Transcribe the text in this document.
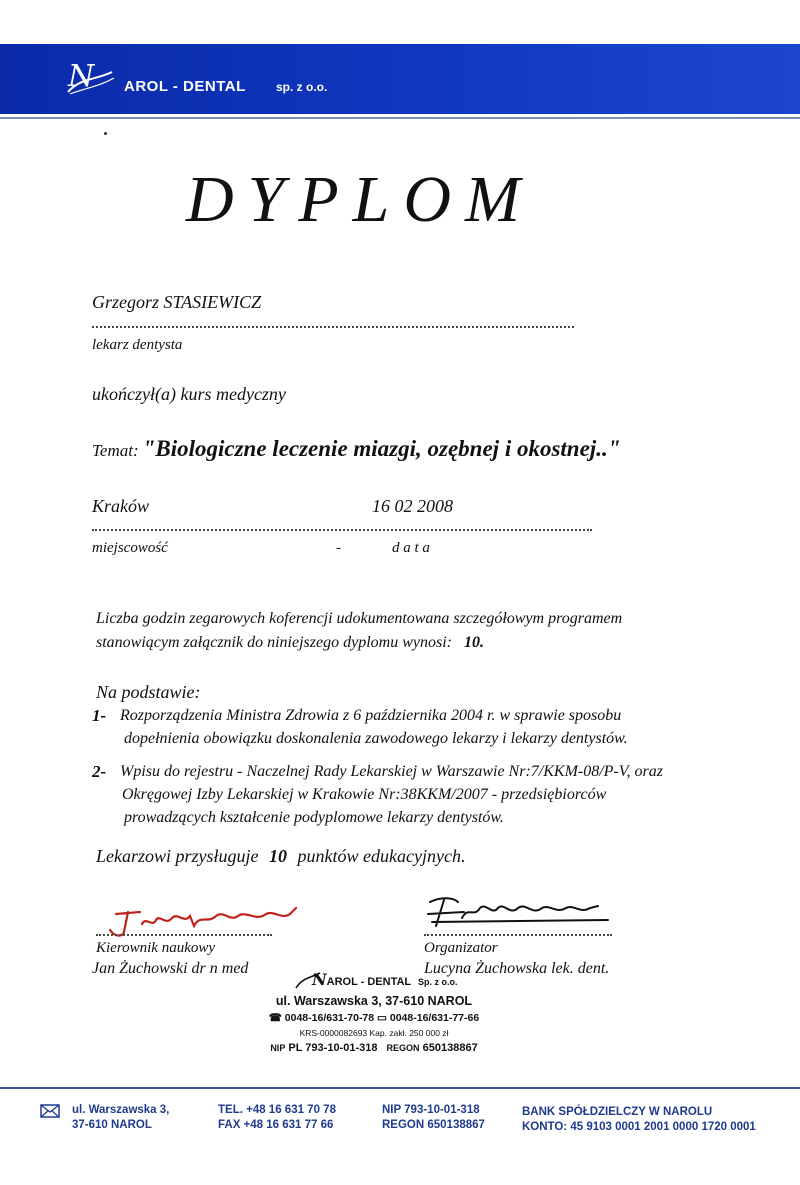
N AROL - DENTAL	sp. z o.o.
DYPLOM
Grzegorz STASIEWICZ
lekarz dentysta
ukończył(a) kurs medyczny
Temat: "Biologiczne leczenie miazgi, ozębnej i okostnej.."
Kraków	16 02 2008
miejscowość	-	d a t a
Liczba godzin zegarowych koferencji udokumentowana szczegółowym programem
stanowiącym załącznik do niniejszego dyplomu wynosi: 10.
Na podstawie:
1- Rozporządzenia Ministra Zdrowia z 6 października 2004 r. w sprawie sposobu
dopełnienia obowiązku doskonalenia zawodowego lekarzy i lekarzy dentystów.
2- Wpisu do rejestru - Naczelnej Rady Lekarskiej w Warszawie Nr:7/KKM-08/P-V, oraz
Okręgowej Izby Lekarskiej w Krakowie Nr:38KKM/2007 - przedsiębiorców
prowadzących kształcenie podyplomowe lekarzy dentystów.
Lekarzowi przysługuje 10 punktów edukacyjnych.
Kierownik naukowy
Jan Żuchowski dr n med
Organizator
Lucyna Żuchowska lek. dent.
NAROL - DENTAL Sp. z o.o.
ul. Warszawska 3, 37-610 NAROL
☎ 0048-16/631-70-78 ▭ 0048-16/631-77-66
KRS-0000082693 Kap. zakł. 250 000 zł
NIP PL 793-10-01-318 REGON 650138867
ul. Warszawska 3,
37-610 NAROL
TEL. +48 16 631 70 78
FAX +48 16 631 77 66
NIP 793-10-01-318
REGON 650138867
BANK SPÓŁDZIELCZY W NAROLU
KONTO: 45 9103 0001 2001 0000 1720 0001
